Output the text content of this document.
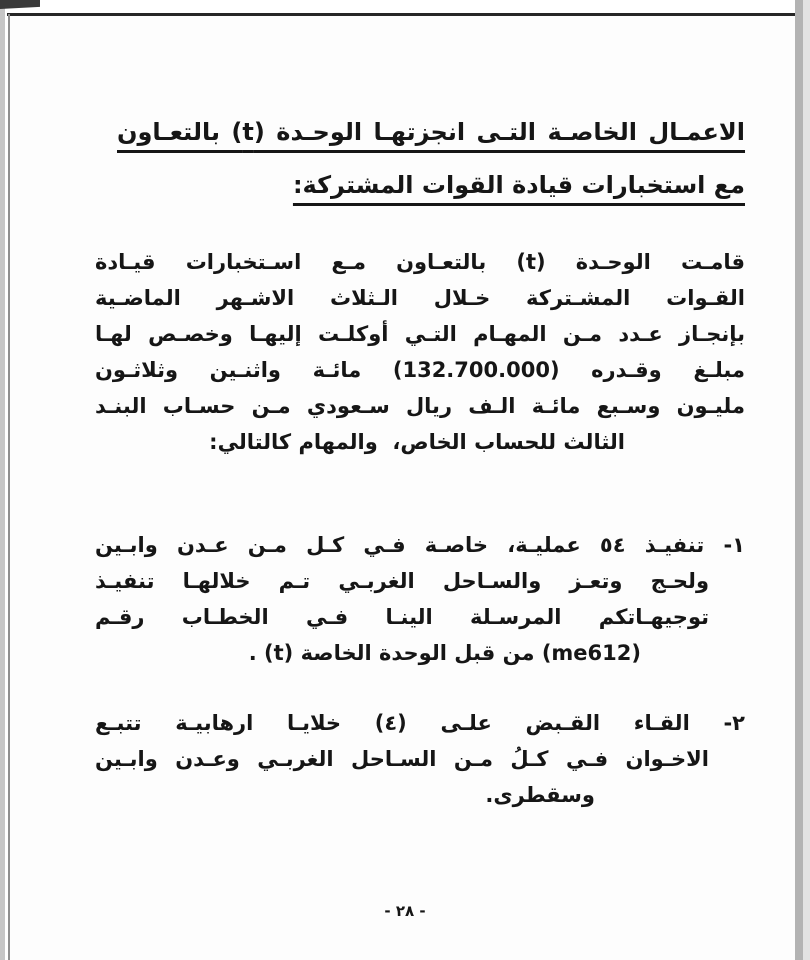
الاعمـال الخاصـة التـى انجزتهـا الوحـدة (t) بالتعـاون
مع استخبارات قيادة القوات المشتركة:
قامـت الوحـدة (t) بالتعـاون مـع اسـتخبارات قيـادة
القـوات المشـتركة خـلال الـثلاث الاشـهر الماضـية
بإنجـاز عـدد مـن المهـام التـي أوكلـت إليهـا وخصـص لهـا
مبلـغ وقـدره (132.700.000) مائـة واثنـين وثلاثـون
مليـون وسـبع مائـة الـف ريال سـعودي مـن حسـاب البنـد
الثالث للحساب الخاص،  والمهام كالتالي:
١- تنفيـذ ٥٤ عمليـة، خاصـة فـي كـل مـن عـدن وابـين
ولحـج وتعـز والسـاحل الغربـي تـم خلالهـا تنفيـذ
توجيهـاتكم المرسـلة الينـا فـي الخطـاب رقـم
(me612) من قبل الوحدة الخاصة (t) .
٢- القـاء القـبض علـى (٤) خلايـا ارهابيـة تتبـع
الاخـوان فـي كـلُ مـن السـاحل الغربـي وعـدن وابـين
وسقطرى.
- ٢٨ -
